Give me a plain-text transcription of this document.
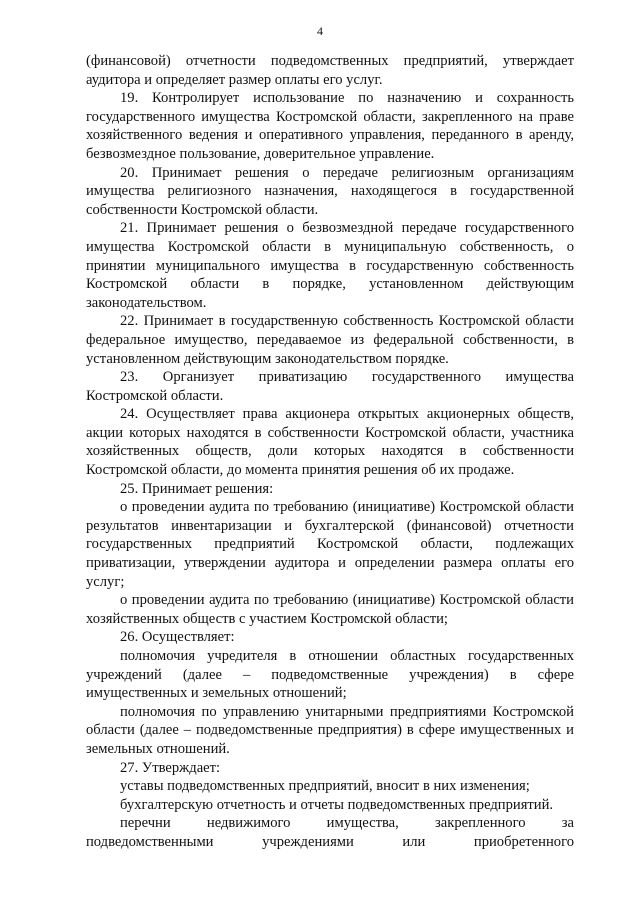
4

(финансовой) отчетности подведомственных предприятий, утверждает аудитора и определяет размер оплаты его услуг.

19. Контролирует использование по назначению и сохранность государственного имущества Костромской области, закрепленного на праве хозяйственного ведения и оперативного управления, переданного в аренду, безвозмездное пользование, доверительное управление.

20. Принимает решения о передаче религиозным организациям имущества религиозного назначения, находящегося в государственной собственности Костромской области.

21. Принимает решения о безвозмездной передаче государственного имущества Костромской области в муниципальную собственность, о принятии муниципального имущества в государственную собственность Костромской области в порядке, установленном действующим законодательством.

22. Принимает в государственную собственность Костромской области федеральное имущество, передаваемое из федеральной собственности, в установленном действующим законодательством порядке.

23. Организует приватизацию государственного имущества Костромской области.

24. Осуществляет права акционера открытых акционерных обществ, акции которых находятся в собственности Костромской области, участника хозяйственных обществ, доли которых находятся в собственности Костромской области, до момента принятия решения об их продаже.

25. Принимает решения:

о проведении аудита по требованию (инициативе) Костромской области результатов инвентаризации и бухгалтерской (финансовой) отчетности государственных предприятий Костромской области, подлежащих приватизации, утверждении аудитора и определении размера оплаты его услуг;

о проведении аудита по требованию (инициативе) Костромской области хозяйственных обществ с участием Костромской области;

26. Осуществляет:

полномочия учредителя в отношении областных государственных учреждений (далее – подведомственные учреждения) в сфере имущественных и земельных отношений;

полномочия по управлению унитарными предприятиями Костромской области (далее – подведомственные предприятия) в сфере имущественных и земельных отношений.

27. Утверждает:

уставы подведомственных предприятий, вносит в них изменения;

бухгалтерскую отчетность и отчеты подведомственных предприятий.

перечни недвижимого имущества, закрепленного за подведомственными учреждениями или приобретенного
